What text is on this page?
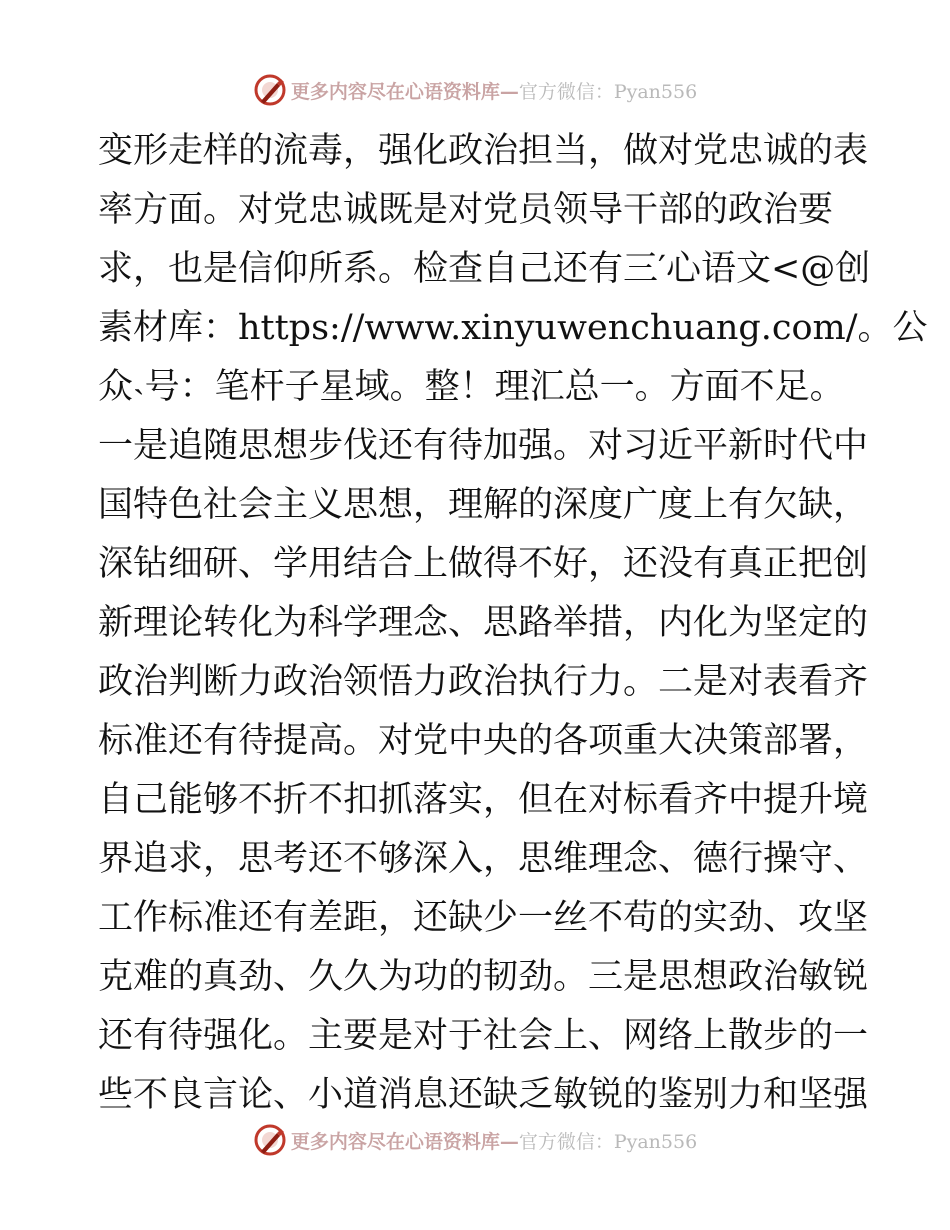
更多内容尽在心语资料库—官方微信：Pyan556
变形走样的流毒，强化政治担当，做对党忠诚的表
率方面。对党忠诚既是对党员领导干部的政治要
求，也是信仰所系。检查自己还有三′心语文<@创
素材库：https://www.xinyuwenchuang.com/。公
众˴号：笔杆子星域。整！理汇总一。方面不足。
一是追随思想步伐还有待加强。对习近平新时代中
国特色社会主义思想，理解的深度广度上有欠缺，
深钻细研、学用结合上做得不好，还没有真正把创
新理论转化为科学理念、思路举措，内化为坚定的
政治判断力政治领悟力政治执行力。二是对表看齐
标准还有待提高。对党中央的各项重大决策部署，
自己能够不折不扣抓落实，但在对标看齐中提升境
界追求，思考还不够深入，思维理念、德行操守、
工作标准还有差距，还缺少一丝不苟的实劲、攻坚
克难的真劲、久久为功的韧劲。三是思想政治敏锐
还有待强化。主要是对于社会上、网络上散步的一
些不良言论、小道消息还缺乏敏锐的鉴别力和坚强
更多内容尽在心语资料库—官方微信：Pyan556
